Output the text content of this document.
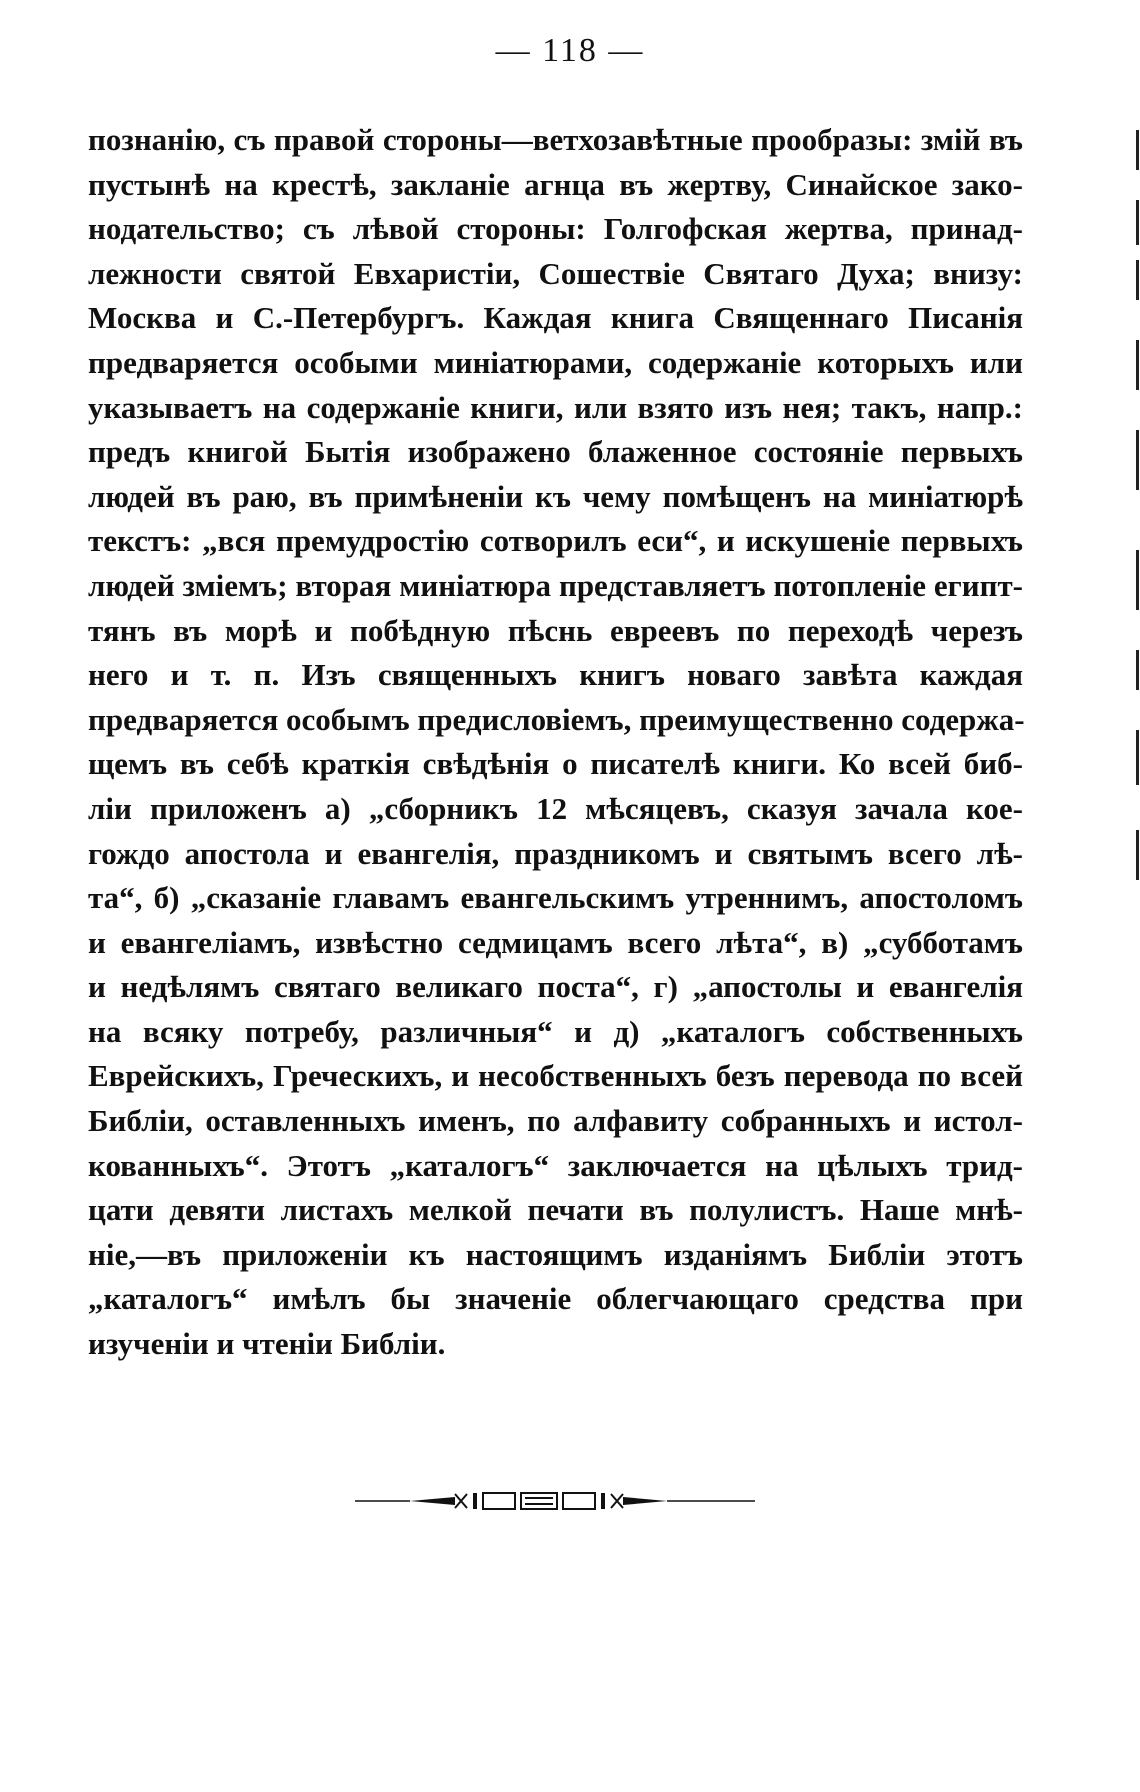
— 118 —
познанію, съ правой стороны—ветхозавѣтные прообразы: змій въ
пустынѣ на крестѣ, закланіе агнца въ жертву, Синайское зако-
нодательство; съ лѣвой стороны: Голгофская жертва, принад-
лежности святой Евхаристіи, Сошествіе Святаго Духа; внизу:
Москва и С.-Петербургъ. Каждая книга Священнаго Писанія
предваряется особыми миніатюрами, содержаніе которыхъ или
указываетъ на содержаніе книги, или взято изъ нея; такъ, напр.:
предъ книгой Бытія изображено блаженное состояніе первыхъ
людей въ раю, въ примѣненіи къ чему помѣщенъ на миніатюрѣ
текстъ: „вся премудростію сотворилъ еси“, и искушеніе первыхъ
людей зміемъ; вторая миніатюра представляетъ потопленіе египт-
тянъ въ морѣ и побѣдную пѣснь евреевъ по переходѣ черезъ
него и т. п. Изъ священныхъ книгъ новаго завѣта каждая
предваряется особымъ предисловіемъ, преимущественно содержа-
щемъ въ себѣ краткія свѣдѣнія о писателѣ книги. Ко всей биб-
ліи приложенъ а) „сборникъ 12 мѣсяцевъ, сказуя зачала коe-
гождо апостола и евангелія, праздникомъ и святымъ всего лѣ-
та“, б) „сказаніе главамъ евангельскимъ утреннимъ, апостоломъ
и евангеліамъ, извѣстно седмицамъ всего лѣта“, в) „субботамъ
и недѣлямъ святаго великаго поста“, г) „апостолы и евангелія
на всяку потребу, различныя“ и д) „каталогъ собственныхъ
Еврейскихъ, Греческихъ, и несобственныхъ безъ перевода по всей
Библіи, оставленныхъ именъ, по алфавиту собранныхъ и истол-
кованныхъ“. Этотъ „каталогъ“ заключается на цѣлыхъ трид-
цати девяти листахъ мелкой печати въ полулистъ. Наше мнѣ-
ніе,—въ приложеніи къ настоящимъ изданіямъ Библіи этотъ
„каталогъ“ имѣлъ бы значеніе облегчающаго средства при
изученіи и чтеніи Библіи.
